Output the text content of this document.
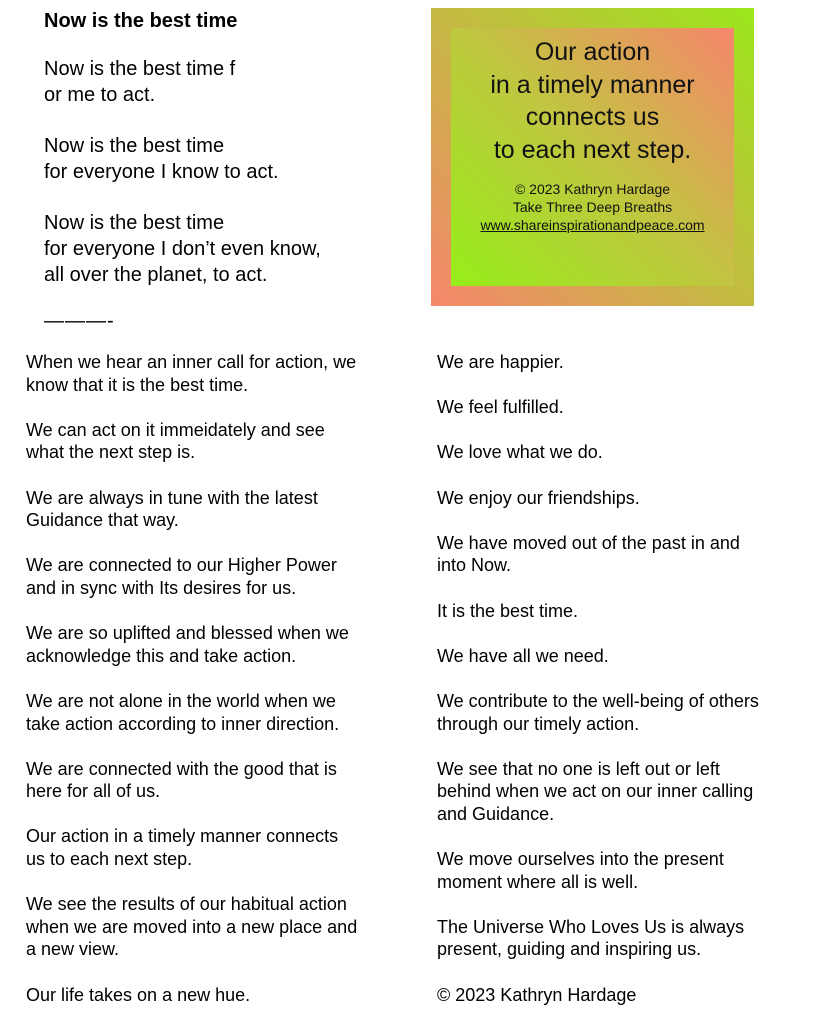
Now is the best time
Now is the best time f
or me to act.
Now is the best time
for everyone I know to act.
Now is the best time
for everyone I don’t even know,
all over the planet, to act.
———-
Our action
in a timely manner
connects us
to each next step.
© 2023 Kathryn Hardage
Take Three Deep Breaths
www.shareinspirationandpeace.com
When we hear an inner call for action, we
know that it is the best time.
We can act on it immeidately and see
what the next step is.
We are always in tune with the latest
Guidance that way.
We are connected to our Higher Power
and in sync with Its desires for us.
We are so uplifted and blessed when we
acknowledge this and take action.
We are not alone in the world when we
take action according to inner direction.
We are connected with the good that is
here for all of us.
Our action in a timely manner connects
us to each next step.
We see the results of our habitual action
when we are moved into a new place and
a new view.
Our life takes on a new hue.
We are happier.
We feel fulfilled.
We love what we do.
We enjoy our friendships.
We have moved out of the past in and
into Now.
It is the best time.
We have all we need.
We contribute to the well-being of others
through our timely action.
We see that no one is left out or left
behind when we act on our inner calling
and Guidance.
We move ourselves into the present
moment where all is well.
The Universe Who Loves Us is always
present, guiding and inspiring us.
© 2023 Kathryn Hardage
